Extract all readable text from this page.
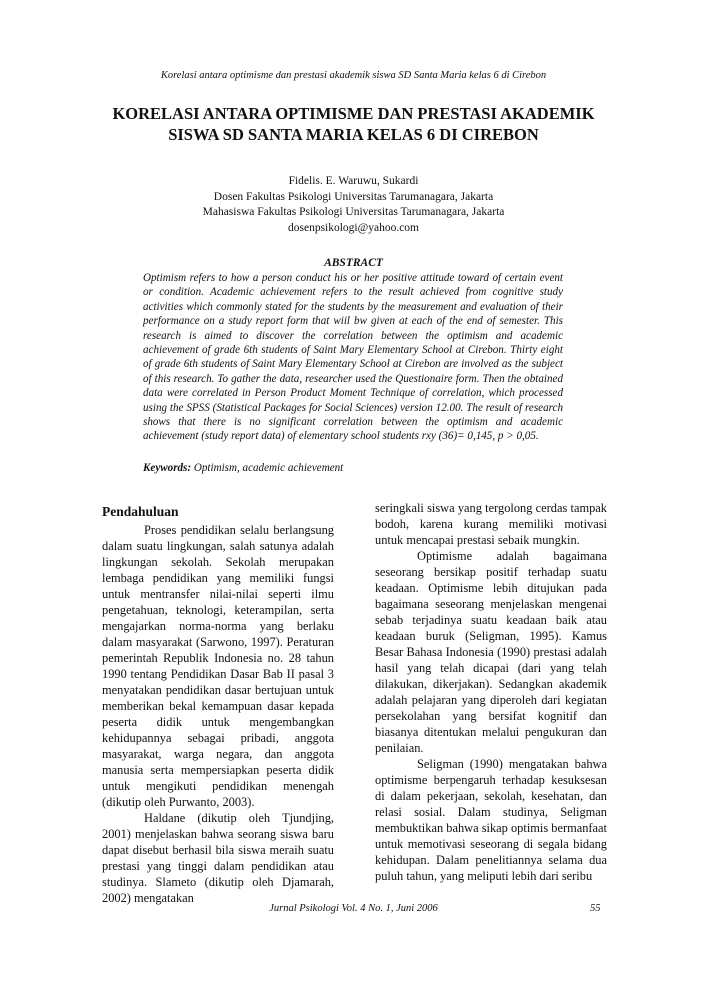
Korelasi antara optimisme dan prestasi akademik siswa SD Santa Maria kelas 6 di Cirebon
KORELASI ANTARA OPTIMISME DAN PRESTASI AKADEMIK
SISWA SD SANTA MARIA KELAS 6 DI CIREBON
Fidelis. E. Waruwu, Sukardi
Dosen Fakultas Psikologi Universitas Tarumanagara, Jakarta
Mahasiswa Fakultas Psikologi Universitas Tarumanagara, Jakarta
dosenpsikologi@yahoo.com
ABSTRACT

Optimism refers to how a person conduct his or her positive attitude toward of certain event or condition. Academic achievement refers to the result achieved from cognitive study activities which commonly stated for the students by the measurement and evaluation of their performance on a study report form that wiil bw given at each of the end of semester. This research is aimed to discover the correlation between the optimism and academic achievement of grade 6th students of Saint Mary Elementary School at Cirebon. Thirty eight of grade 6th students of Saint Mary Elementary School at Cirebon are involved as the subject of this research. To gather the data, researcher used the Questionaire form. Then the obtained data were correlated in Person Product Moment Technique of correlation, which processed using the SPSS (Statistical Packages for Social Sciences) version 12.00. The result of research shows that there is no significant correlation between the optimism and academic achievement (study report data) of elementary school students rxy (36)= 0,145, p > 0,05.

Keywords: Optimism, academic achievement
Pendahuluan

Proses pendidikan selalu berlangsung dalam suatu lingkungan, salah satunya adalah lingkungan sekolah. Sekolah merupakan lembaga pendidikan yang memiliki fungsi untuk mentransfer nilai-nilai seperti ilmu pengetahuan, teknologi, keterampilan, serta mengajarkan norma-norma yang berlaku dalam masyarakat (Sarwono, 1997). Peraturan pemerintah Republik Indonesia no. 28 tahun 1990 tentang Pendidikan Dasar Bab II pasal 3 menyatakan pendidikan dasar bertujuan untuk memberikan bekal kemampuan dasar kepada peserta didik untuk mengembangkan kehidupannya sebagai pribadi, anggota masyarakat, warga negara, dan anggota manusia serta mempersiapkan peserta didik untuk mengikuti pendidikan menengah (dikutip oleh Purwanto, 2003).

Haldane (dikutip oleh Tjundjing, 2001) menjelaskan bahwa seorang siswa baru dapat disebut berhasil bila siswa meraih suatu prestasi yang tinggi dalam pendidikan atau studinya. Slameto (dikutip oleh Djamarah, 2002) mengatakan

seringkali siswa yang tergolong cerdas tampak bodoh, karena kurang memiliki motivasi untuk mencapai prestasi sebaik mungkin.

Optimisme adalah bagaimana seseorang bersikap positif terhadap suatu keadaan. Optimisme lebih ditujukan pada bagaimana seseorang menjelaskan mengenai sebab terjadinya suatu keadaan baik atau keadaan buruk (Seligman, 1995). Kamus Besar Bahasa Indonesia (1990) prestasi adalah hasil yang telah dicapai (dari yang telah dilakukan, dikerjakan). Sedangkan akademik adalah pelajaran yang diperoleh dari kegiatan persekolahan yang bersifat kognitif dan biasanya ditentukan melalui pengukuran dan penilaian.

Seligman (1990) mengatakan bahwa optimisme berpengaruh terhadap kesuksesan di dalam pekerjaan, sekolah, kesehatan, dan relasi sosial. Dalam studinya, Seligman membuktikan bahwa sikap optimis bermanfaat untuk memotivasi seseorang di segala bidang kehidupan. Dalam penelitiannya selama dua puluh tahun, yang meliputi lebih dari seribu

Jurnal Psikologi Vol. 4 No. 1, Juni 2006	55
